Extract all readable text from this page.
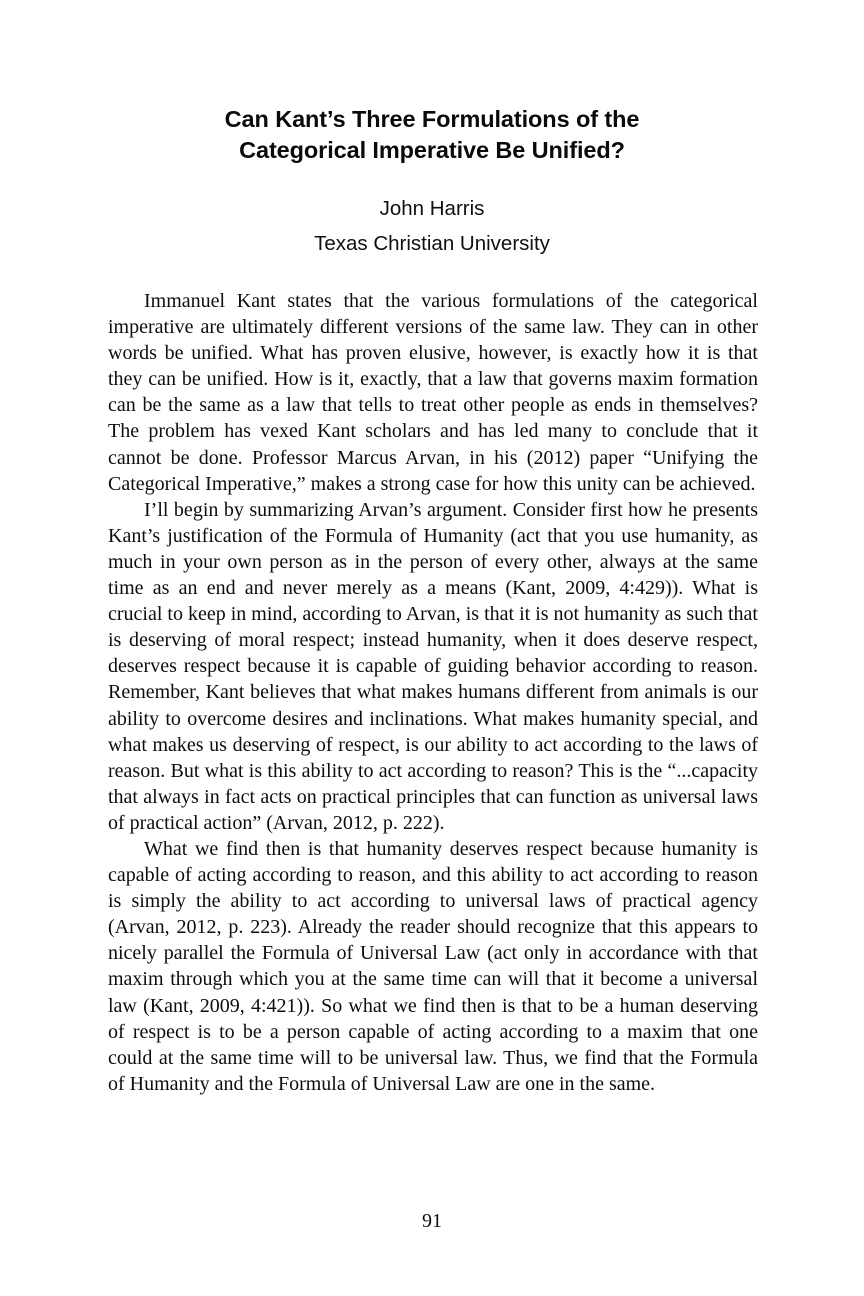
Can Kant’s Three Formulations of the
Categorical Imperative Be Unified?
John Harris
Texas Christian University

Immanuel Kant states that the various formulations of the categorical imperative are ultimately different versions of the same law. They can in other words be unified. What has proven elusive, however, is exactly how it is that they can be unified. How is it, exactly, that a law that governs maxim formation can be the same as a law that tells to treat other people as ends in themselves? The problem has vexed Kant scholars and has led many to conclude that it cannot be done. Professor Marcus Arvan, in his (2012) paper “Unifying the Categorical Imperative,” makes a strong case for how this unity can be achieved.

I’ll begin by summarizing Arvan’s argument. Consider first how he presents Kant’s justification of the Formula of Humanity (act that you use humanity, as much in your own person as in the person of every other, always at the same time as an end and never merely as a means (Kant, 2009, 4:429)). What is crucial to keep in mind, according to Arvan, is that it is not humanity as such that is deserving of moral respect; instead humanity, when it does deserve respect, deserves respect because it is capable of guiding behavior according to reason. Remember, Kant believes that what makes humans different from animals is our ability to overcome desires and inclinations. What makes humanity special, and what makes us deserving of respect, is our ability to act according to the laws of reason. But what is this ability to act according to reason? This is the “...capacity that always in fact acts on practical principles that can function as universal laws of practical action” (Arvan, 2012, p. 222).

What we find then is that humanity deserves respect because humanity is capable of acting according to reason, and this ability to act according to reason is simply the ability to act according to universal laws of practical agency (Arvan, 2012, p. 223). Already the reader should recognize that this appears to nicely parallel the Formula of Universal Law (act only in accordance with that maxim through which you at the same time can will that it become a universal law (Kant, 2009, 4:421)). So what we find then is that to be a human deserving of respect is to be a person capable of acting according to a maxim that one could at the same time will to be universal law. Thus, we find that the Formula of Humanity and the Formula of Universal Law are one in the same.

91
